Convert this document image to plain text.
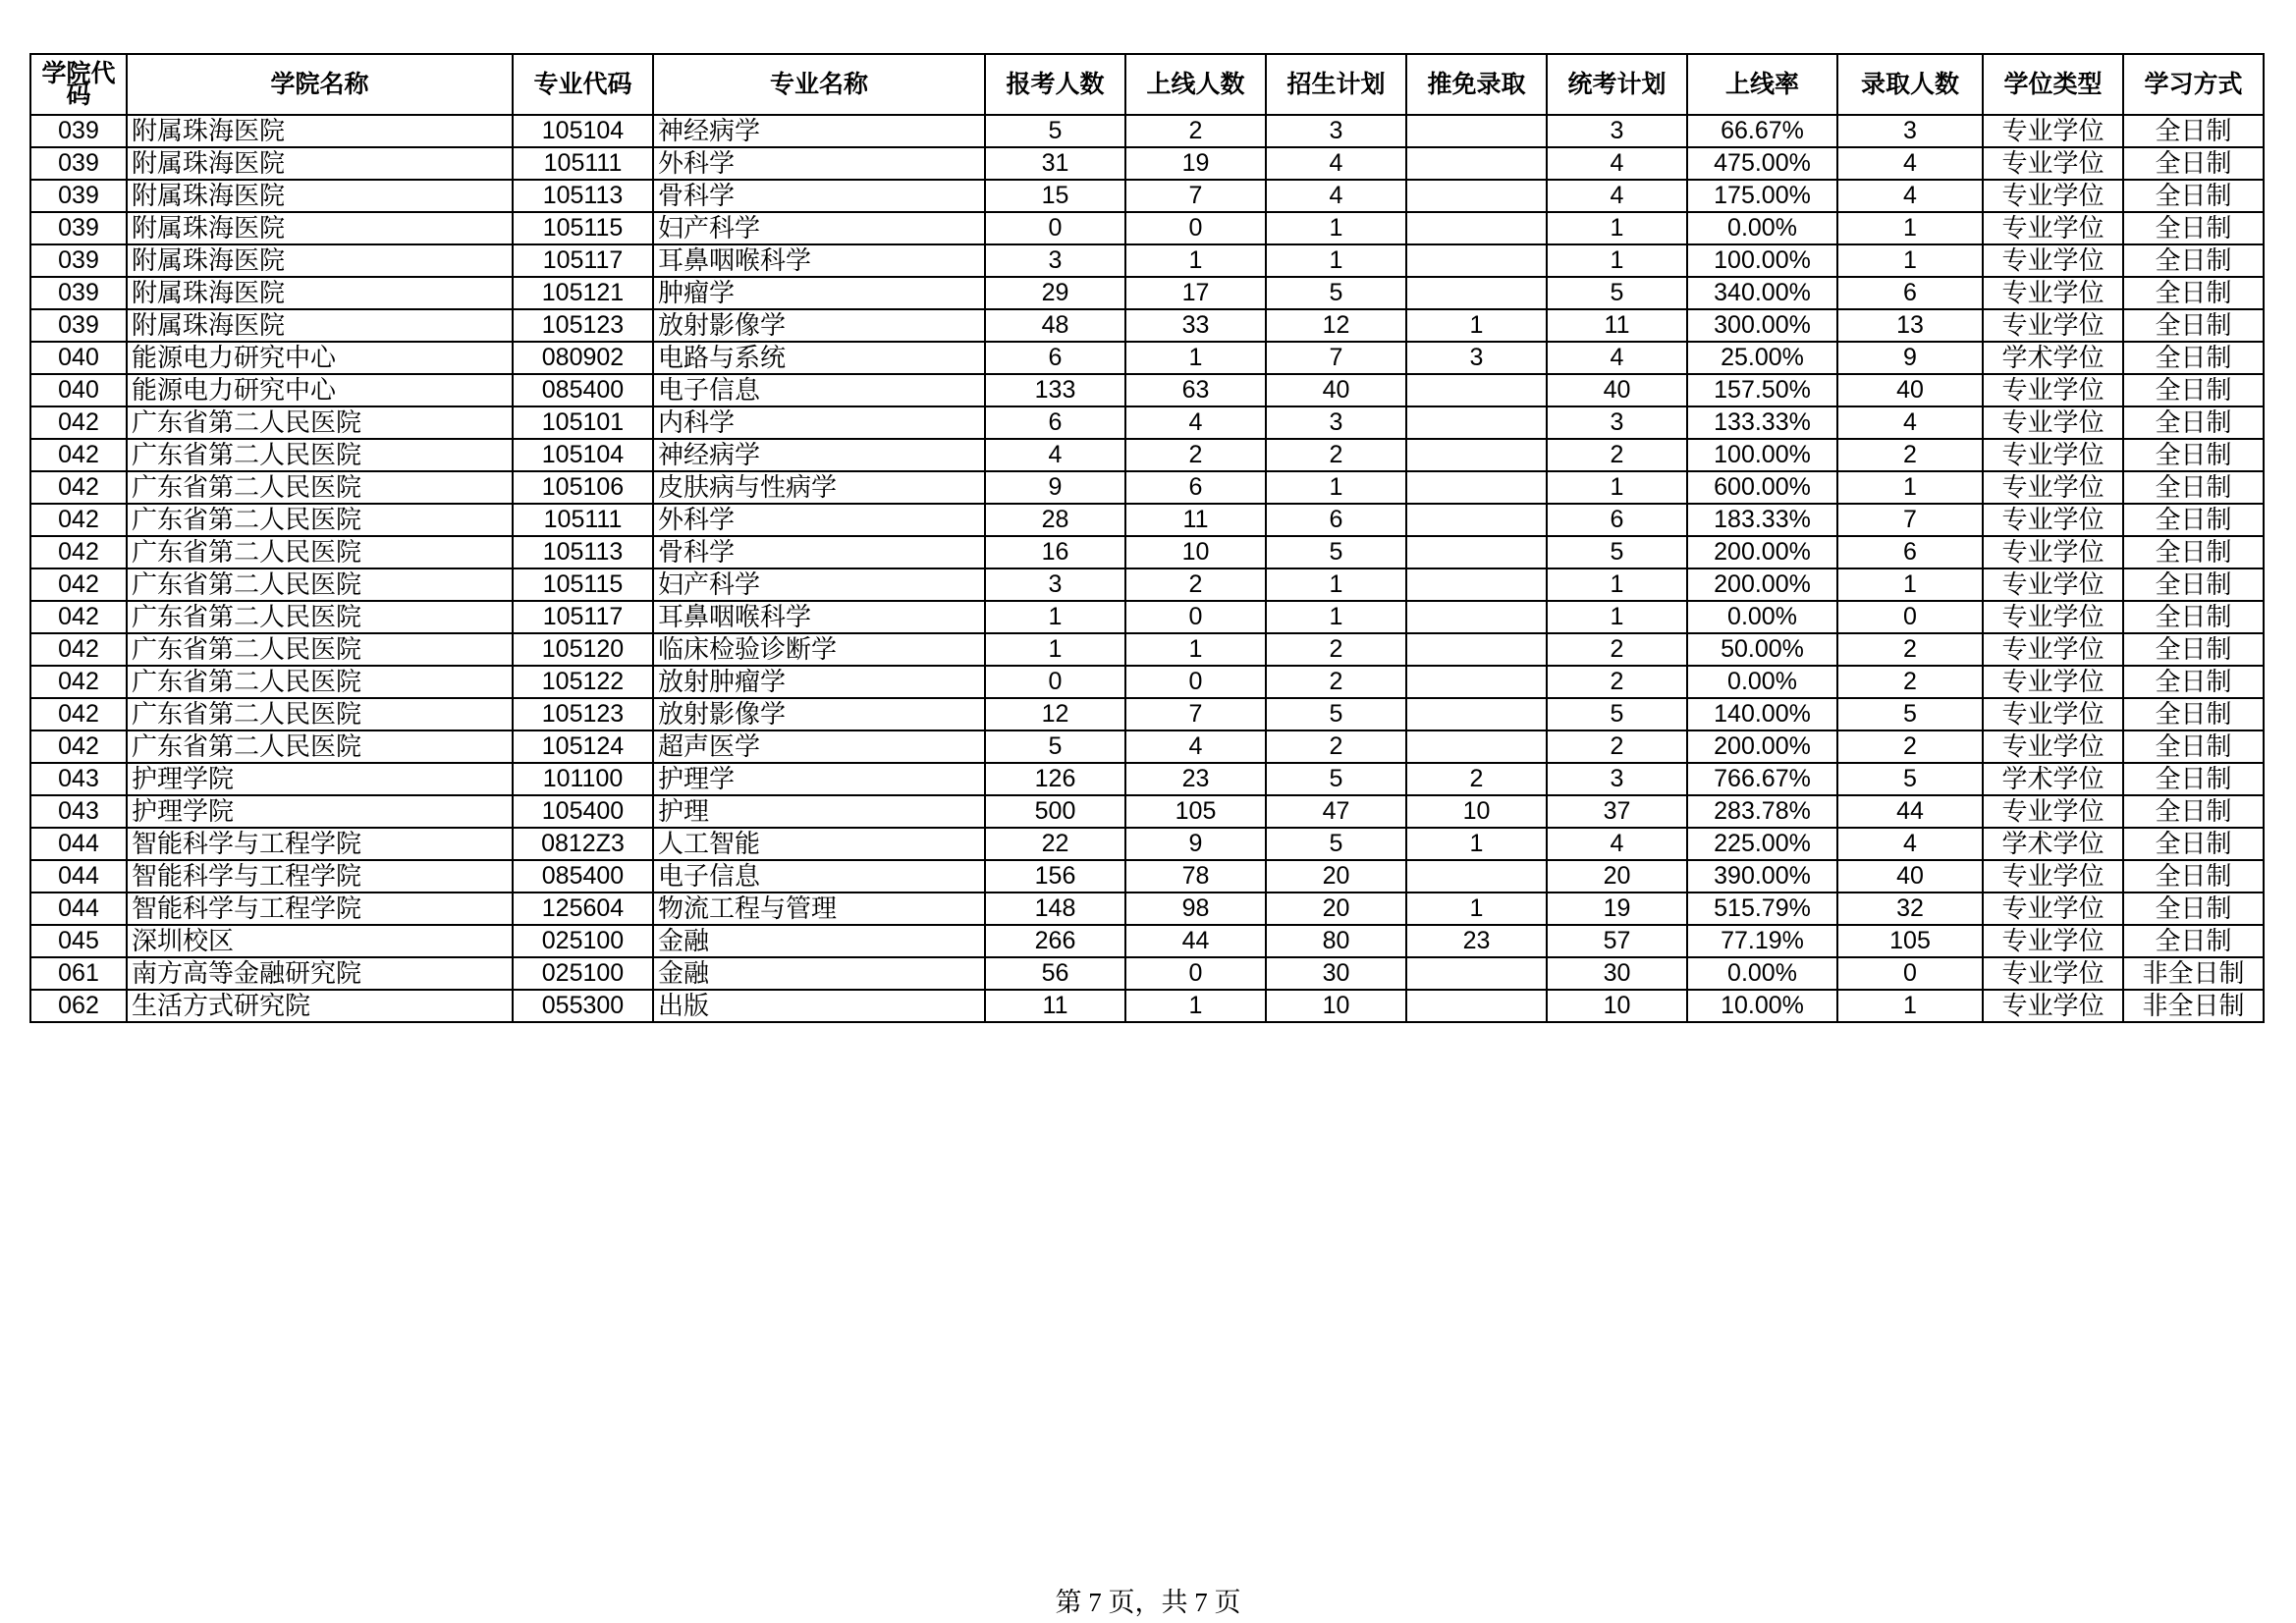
学院代码	学院名称	专业代码	专业名称	报考人数	上线人数	招生计划	推免录取	统考计划	上线率	录取人数	学位类型	学习方式
039	附属珠海医院	105104	神经病学	5	2	3		3	66.67%	3	专业学位	全日制
039	附属珠海医院	105111	外科学	31	19	4		4	475.00%	4	专业学位	全日制
039	附属珠海医院	105113	骨科学	15	7	4		4	175.00%	4	专业学位	全日制
039	附属珠海医院	105115	妇产科学	0	0	1		1	0.00%	1	专业学位	全日制
039	附属珠海医院	105117	耳鼻咽喉科学	3	1	1		1	100.00%	1	专业学位	全日制
039	附属珠海医院	105121	肿瘤学	29	17	5		5	340.00%	6	专业学位	全日制
039	附属珠海医院	105123	放射影像学	48	33	12	1	11	300.00%	13	专业学位	全日制
040	能源电力研究中心	080902	电路与系统	6	1	7	3	4	25.00%	9	学术学位	全日制
040	能源电力研究中心	085400	电子信息	133	63	40		40	157.50%	40	专业学位	全日制
042	广东省第二人民医院	105101	内科学	6	4	3		3	133.33%	4	专业学位	全日制
042	广东省第二人民医院	105104	神经病学	4	2	2		2	100.00%	2	专业学位	全日制
042	广东省第二人民医院	105106	皮肤病与性病学	9	6	1		1	600.00%	1	专业学位	全日制
042	广东省第二人民医院	105111	外科学	28	11	6		6	183.33%	7	专业学位	全日制
042	广东省第二人民医院	105113	骨科学	16	10	5		5	200.00%	6	专业学位	全日制
042	广东省第二人民医院	105115	妇产科学	3	2	1		1	200.00%	1	专业学位	全日制
042	广东省第二人民医院	105117	耳鼻咽喉科学	1	0	1		1	0.00%	0	专业学位	全日制
042	广东省第二人民医院	105120	临床检验诊断学	1	1	2		2	50.00%	2	专业学位	全日制
042	广东省第二人民医院	105122	放射肿瘤学	0	0	2		2	0.00%	2	专业学位	全日制
042	广东省第二人民医院	105123	放射影像学	12	7	5		5	140.00%	5	专业学位	全日制
042	广东省第二人民医院	105124	超声医学	5	4	2		2	200.00%	2	专业学位	全日制
043	护理学院	101100	护理学	126	23	5	2	3	766.67%	5	学术学位	全日制
043	护理学院	105400	护理	500	105	47	10	37	283.78%	44	专业学位	全日制
044	智能科学与工程学院	0812Z3	人工智能	22	9	5	1	4	225.00%	4	学术学位	全日制
044	智能科学与工程学院	085400	电子信息	156	78	20		20	390.00%	40	专业学位	全日制
044	智能科学与工程学院	125604	物流工程与管理	148	98	20	1	19	515.79%	32	专业学位	全日制
045	深圳校区	025100	金融	266	44	80	23	57	77.19%	105	专业学位	全日制
061	南方高等金融研究院	025100	金融	56	0	30		30	0.00%	0	专业学位	非全日制
062	生活方式研究院	055300	出版	11	1	10		10	10.00%	1	专业学位	非全日制
第 7 页，共 7 页
